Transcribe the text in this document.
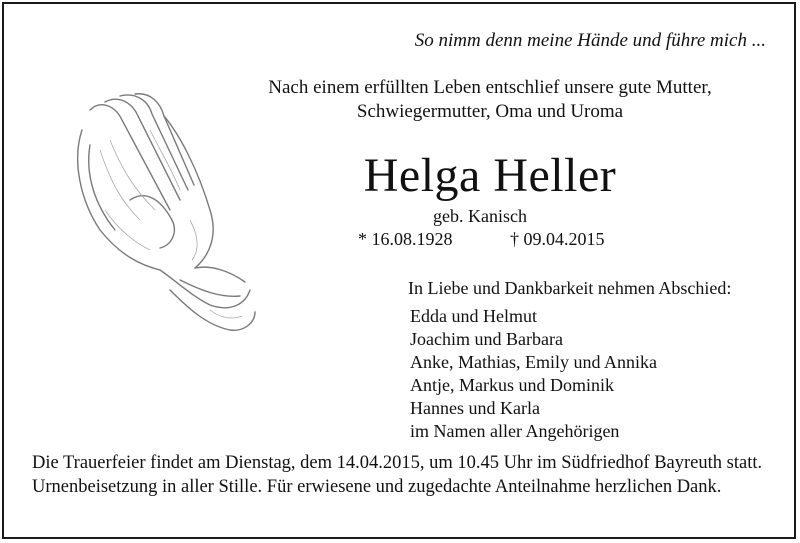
So nimm denn meine Hände und führe mich ...
Nach einem erfüllten Leben entschlief unsere gute Mutter,
Schwiegermutter, Oma und Uroma
Helga Heller
geb. Kanisch
* 16.08.1928	† 09.04.2015
In Liebe und Dankbarkeit nehmen Abschied:
Edda und Helmut
Joachim und Barbara
Anke, Mathias, Emily und Annika
Antje, Markus und Dominik
Hannes und Karla
im Namen aller Angehörigen

Die Trauerfeier findet am Dienstag, dem 14.04.2015, um 10.45 Uhr im Südfriedhof Bayreuth statt. Urnenbeisetzung in aller Stille. Für erwiesene und zugedachte Anteilnahme herzlichen Dank.
